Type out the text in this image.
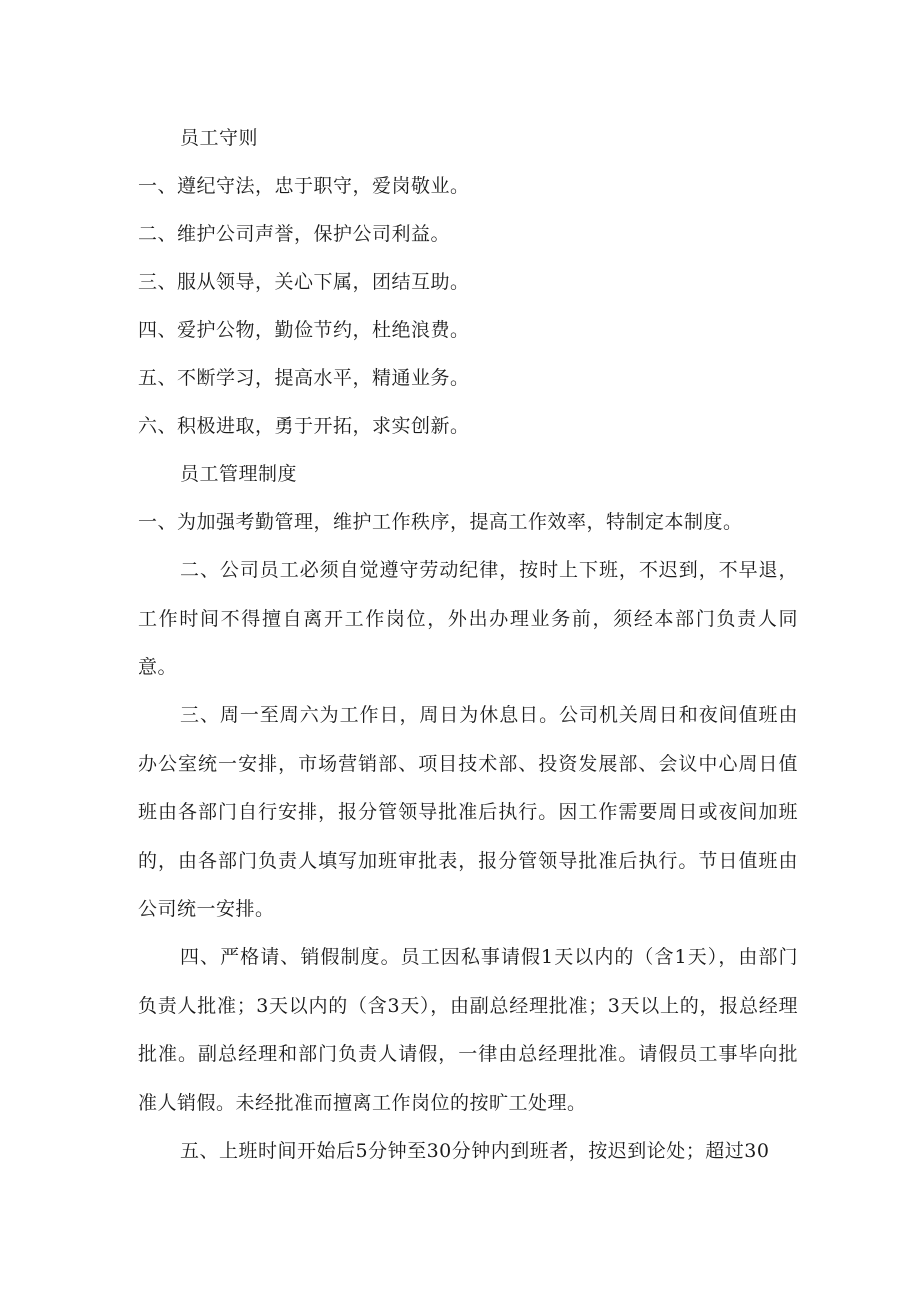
员工守则
一、遵纪守法，忠于职守，爱岗敬业。
二、维护公司声誉，保护公司利益。
三、服从领导，关心下属，团结互助。
四、爱护公物，勤俭节约，杜绝浪费。
五、不断学习，提高水平，精通业务。
六、积极进取，勇于开拓，求实创新。
员工管理制度
一、为加强考勤管理，维护工作秩序，提高工作效率，特制定本制度。
二、公司员工必须自觉遵守劳动纪律，按时上下班，不迟到，不早退，工作时间不得擅自离开工作岗位，外出办理业务前，须经本部门负责人同意。
三、周一至周六为工作日，周日为休息日。公司机关周日和夜间值班由办公室统一安排，市场营销部、项目技术部、投资发展部、会议中心周日值班由各部门自行安排，报分管领导批准后执行。因工作需要周日或夜间加班的，由各部门负责人填写加班审批表，报分管领导批准后执行。节日值班由公司统一安排。
四、严格请、销假制度。员工因私事请假1天以内的（含1天），由部门负责人批准；3天以内的（含3天），由副总经理批准；3天以上的，报总经理批准。副总经理和部门负责人请假，一律由总经理批准。请假员工事毕向批准人销假。未经批准而擅离工作岗位的按旷工处理。
五、上班时间开始后5分钟至30分钟内到班者，按迟到论处；超过30
